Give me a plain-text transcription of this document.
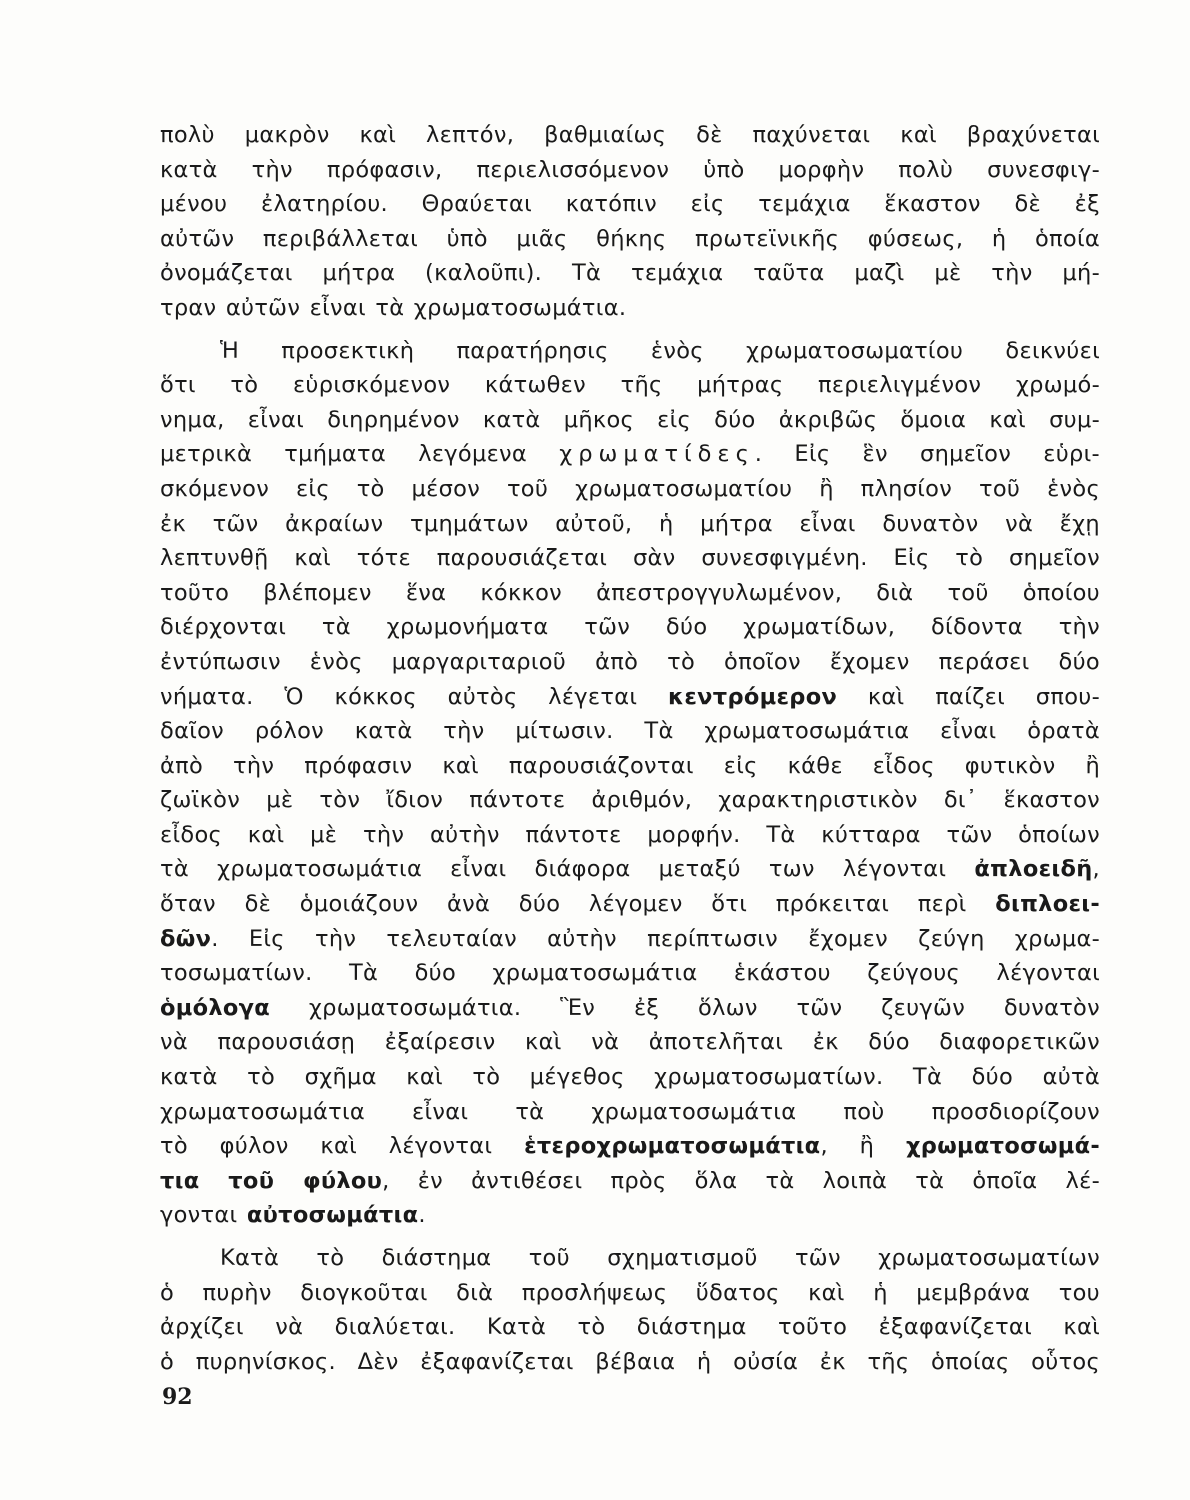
πολὺ μακρὸν καὶ λεπτόν, βαθμιαίως δὲ παχύνεται καὶ βραχύνεται
κατὰ τὴν πρόφασιν, περιελισσόμενον ὑπὸ μορφὴν πολὺ συνεσφιγ-
μένου ἐλατηρίου. Θραύεται κατόπιν εἰς τεμάχια ἕκαστον δὲ ἐξ
αὐτῶν περιβάλλεται ὑπὸ μιᾶς θήκης πρωτεϊνικῆς φύσεως, ἡ ὁποία
ὀνομάζεται μήτρα (καλοῦπι). Τὰ τεμάχια ταῦτα μαζὶ μὲ τὴν μή-
τραν αὐτῶν εἶναι τὰ χρωματοσωμάτια.
Ἡ προσεκτικὴ παρατήρησις ἑνὸς χρωματοσωματίου δεικνύει
ὅτι τὸ εὑρισκόμενον κάτωθεν τῆς μήτρας περιελιγμένον χρωμό-
νημα, εἶναι διηρημένον κατὰ μῆκος εἰς δύο ἀκριβῶς ὅμοια καὶ συμ-
μετρικὰ τμήματα λεγόμενα χρωματίδες. Εἰς ἓν σημεῖον εὑρι-
σκόμενον εἰς τὸ μέσον τοῦ χρωματοσωματίου ἢ πλησίον τοῦ ἑνὸς
ἐκ τῶν ἀκραίων τμημάτων αὐτοῦ, ἡ μήτρα εἶναι δυνατὸν νὰ ἔχῃ
λεπτυνθῇ καὶ τότε παρουσιάζεται σὰν συνεσφιγμένη. Εἰς τὸ σημεῖον
τοῦτο βλέπομεν ἕνα κόκκον ἀπεστρογγυλωμένον, διὰ τοῦ ὁποίου
διέρχονται τὰ χρωμονήματα τῶν δύο χρωματίδων, δίδοντα τὴν
ἐντύπωσιν ἑνὸς μαργαριταριοῦ ἀπὸ τὸ ὁποῖον ἔχομεν περάσει δύο
νήματα. Ὁ κόκκος αὐτὸς λέγεται κεντρόμερον καὶ παίζει σπου-
δαῖον ρόλον κατὰ τὴν μίτωσιν. Τὰ χρωματοσωμάτια εἶναι ὁρατὰ
ἀπὸ τὴν πρόφασιν καὶ παρουσιάζονται εἰς κάθε εἶδος φυτικὸν ἢ
ζωϊκὸν μὲ τὸν ἴδιον πάντοτε ἀριθμόν, χαρακτηριστικὸν δι᾽ ἕκαστον
εἶδος καὶ μὲ τὴν αὐτὴν πάντοτε μορφήν. Τὰ κύτταρα τῶν ὁποίων
τὰ χρωματοσωμάτια εἶναι διάφορα μεταξύ των λέγονται ἀπλοειδῆ,
ὅταν δὲ ὁμοιάζουν ἀνὰ δύο λέγομεν ὅτι πρόκειται περὶ διπλοει-
δῶν. Εἰς τὴν τελευταίαν αὐτὴν περίπτωσιν ἔχομεν ζεύγη χρωμα-
τοσωματίων. Τὰ δύο χρωματοσωμάτια ἑκάστου ζεύγους λέγονται
ὁμόλογα χρωματοσωμάτια. Ἓν ἐξ ὅλων τῶν ζευγῶν δυνατὸν
νὰ παρουσιάσῃ ἐξαίρεσιν καὶ νὰ ἀποτελῆται ἐκ δύο διαφορετικῶν
κατὰ τὸ σχῆμα καὶ τὸ μέγεθος χρωματοσωματίων. Τὰ δύο αὐτὰ
χρωματοσωμάτια εἶναι τὰ χρωματοσωμάτια ποὺ προσδιορίζουν
τὸ φύλον καὶ λέγονται ἑτεροχρωματοσωμάτια, ἢ χρωματοσωμά-
τια τοῦ φύλου, ἐν ἀντιθέσει πρὸς ὅλα τὰ λοιπὰ τὰ ὁποῖα λέ-
γονται αὐτοσωμάτια.
Κατὰ τὸ διάστημα τοῦ σχηματισμοῦ τῶν χρωματοσωματίων
ὁ πυρὴν διογκοῦται διὰ προσλήψεως ὕδατος καὶ ἡ μεμβράνα του
ἀρχίζει νὰ διαλύεται. Κατὰ τὸ διάστημα τοῦτο ἐξαφανίζεται καὶ
ὁ πυρηνίσκος. Δὲν ἐξαφανίζεται βέβαια ἡ οὐσία ἐκ τῆς ὁποίας οὗτος
92
